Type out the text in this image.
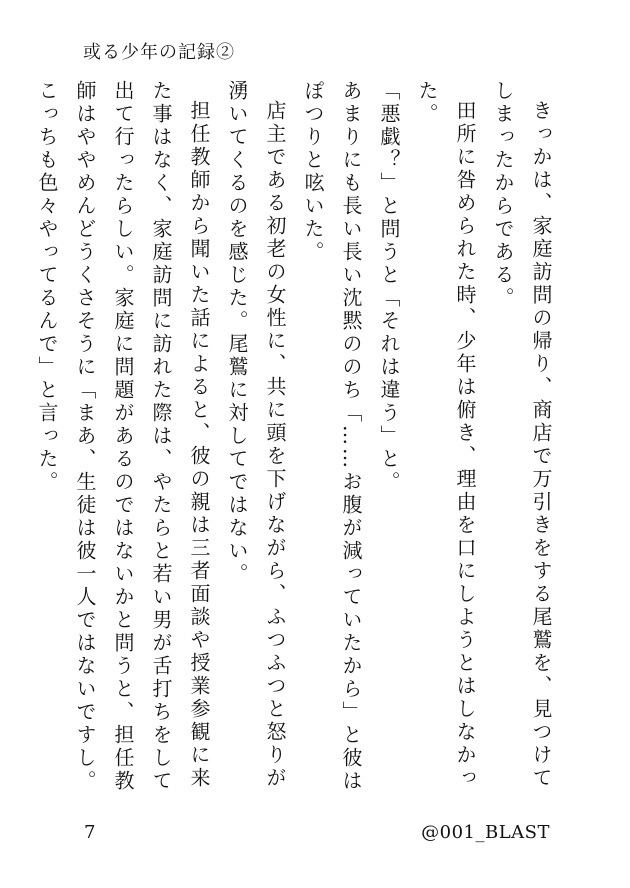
或る少年の記録②

きっかは、家庭訪問の帰り、商店で万引きをする尾鷲を、見つけてしまったからである。

田所に咎められた時、少年は俯き、理由を口にしようとはしなかった。

「悪戯？」と問うと「それは違う」と。

あまりにも長い長い沈黙ののち「……お腹が減っていたから」と彼はぽつりと呟いた。

店主である初老の女性に、共に頭を下げながら、ふつふつと怒りが湧いてくるのを感じた。尾鷲に対してではない。

担任教師から聞いた話によると、彼の親は三者面談や授業参観に来た事はなく、家庭訪問に訪れた際は、やたらと若い男が舌打ちをして出て行ったらしい。家庭に問題があるのではないかと問うと、担任教師はややめんどうくさそうに「まあ、生徒は彼一人ではないですし。こっちも色々やってるんで」と言った。

7	@001_BLAST
